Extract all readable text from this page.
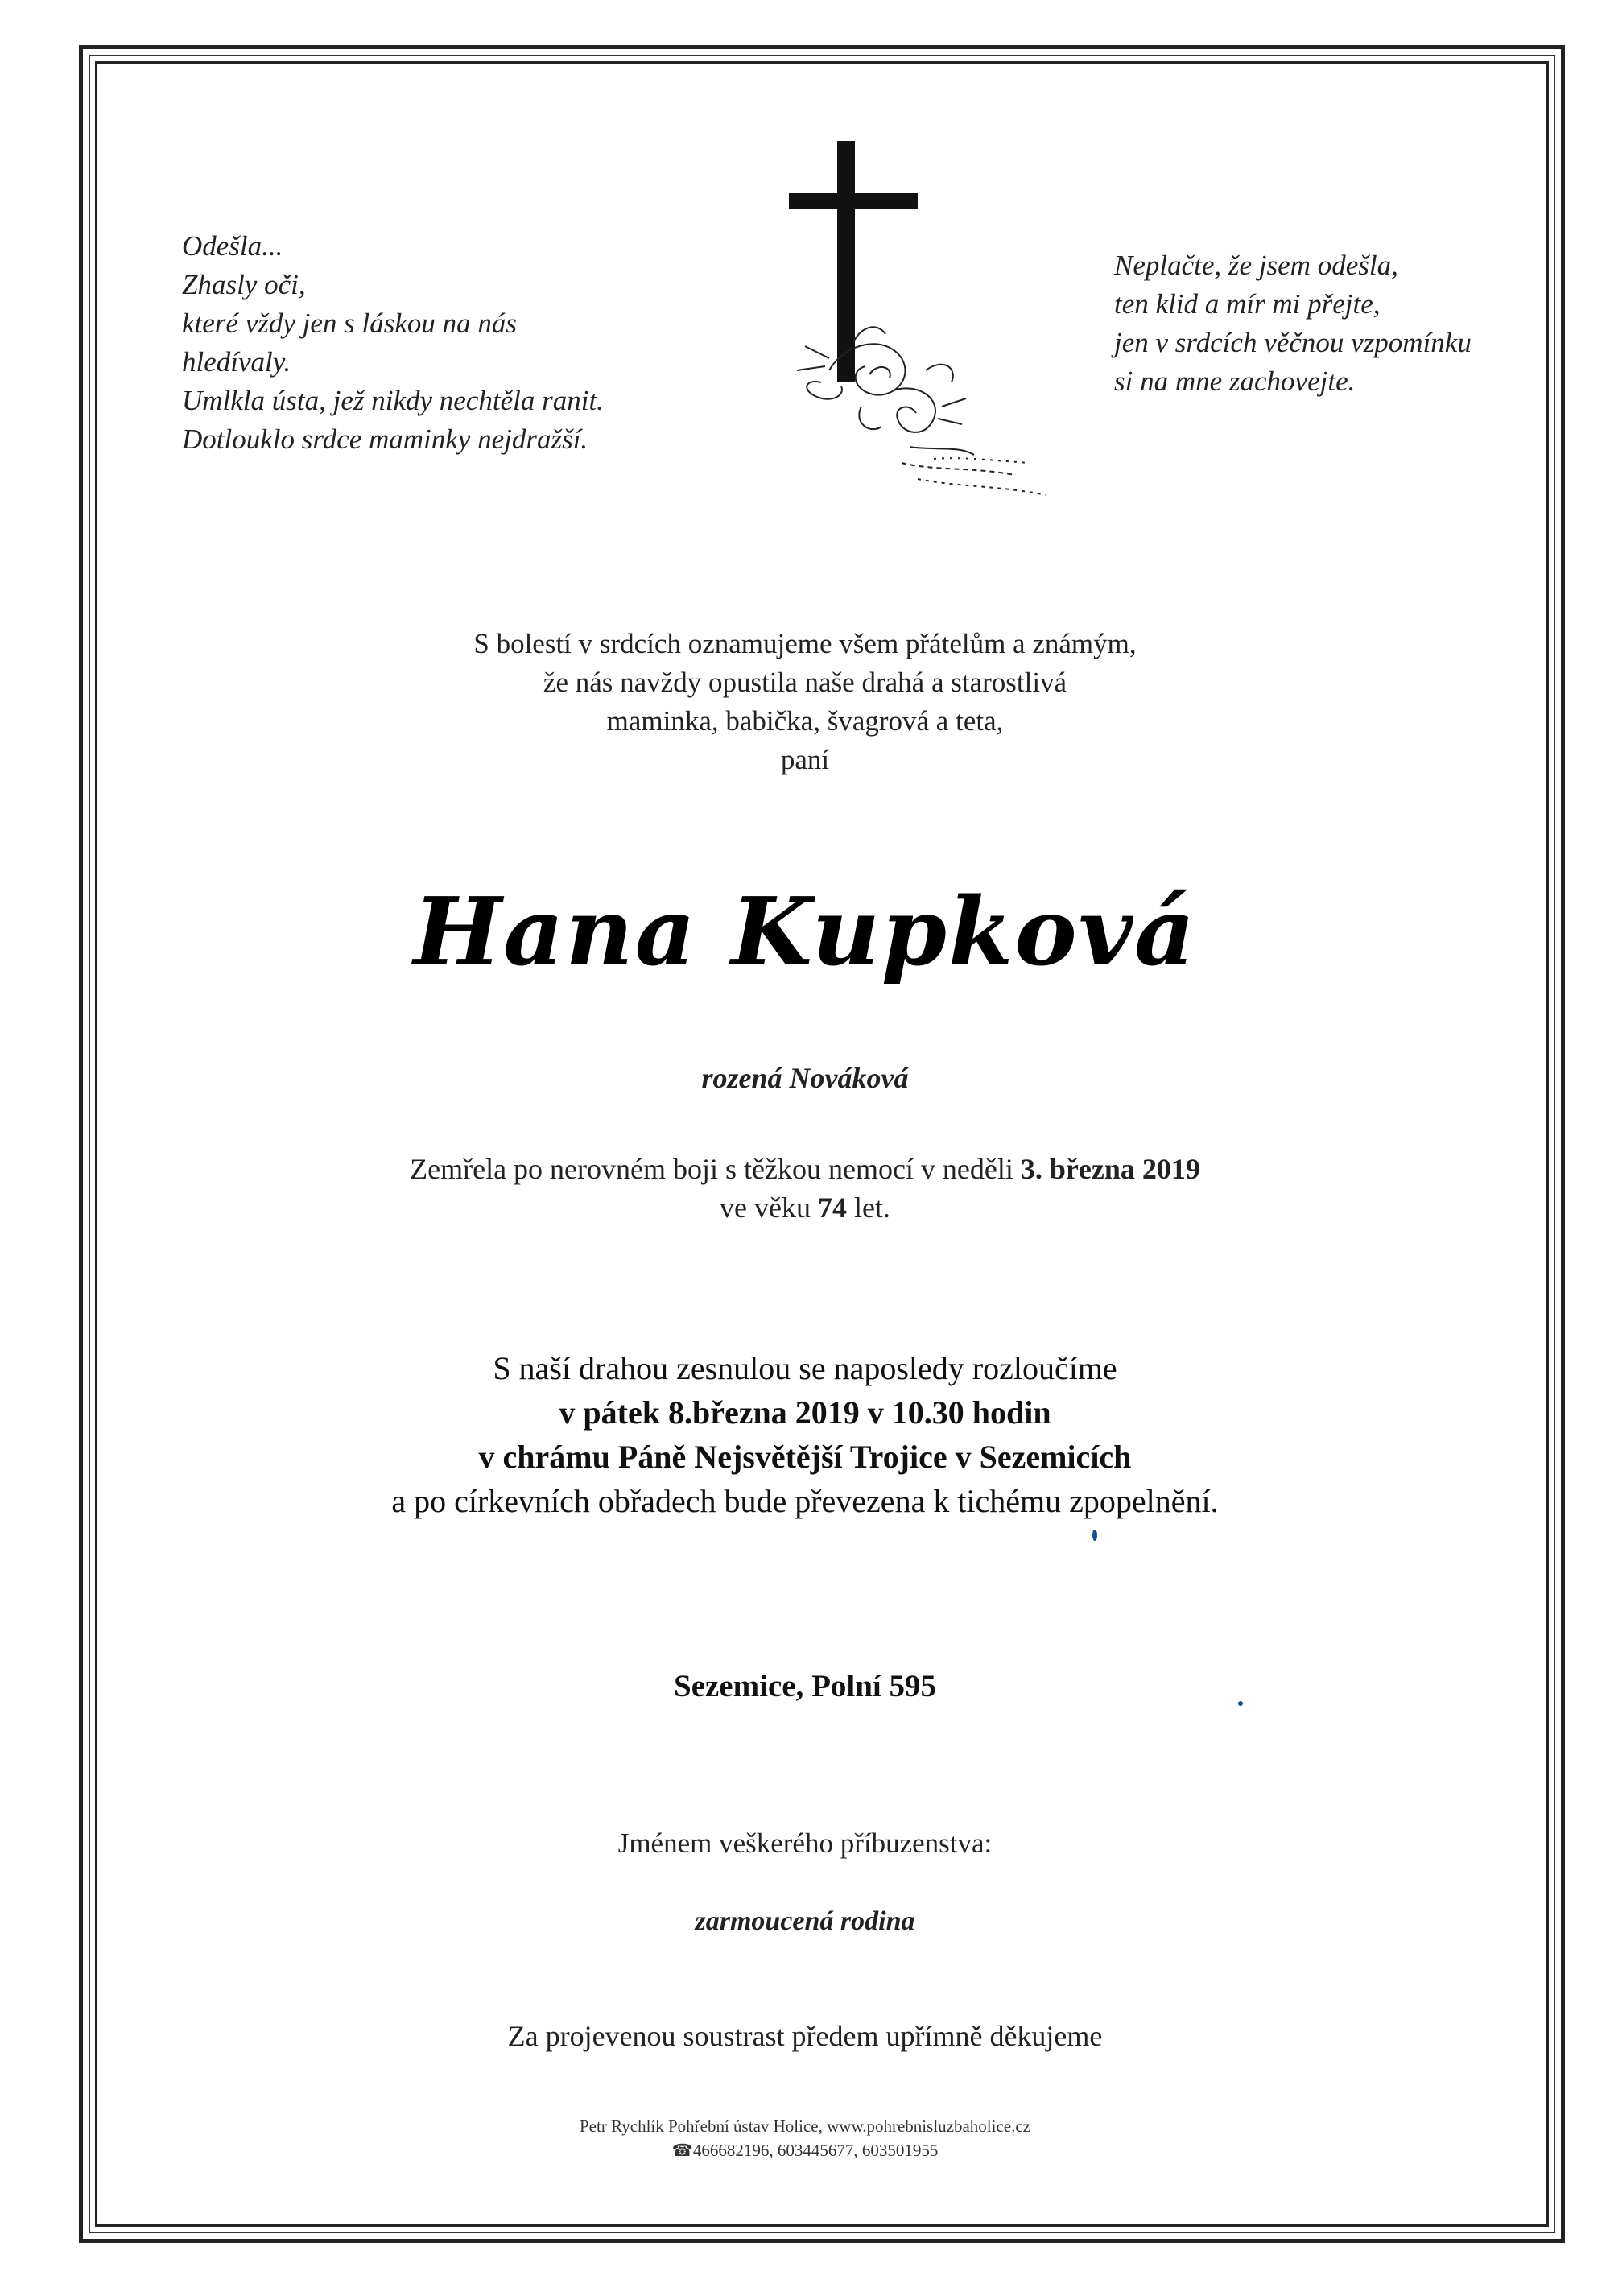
Odešla...
Zhasly oči,
které vždy jen s láskou na nás
hledívaly.
Umlkla ústa, jež nikdy nechtěla ranit.
Dotlouklo srdce maminky nejdražší.
Neplačte, že jsem odešla,
ten klid a mír mi přejte,
jen v srdcích věčnou vzpomínku
si na mne zachovejte.
S bolestí v srdcích oznamujeme všem přátelům a známým,
že nás navždy opustila naše drahá a starostlivá
maminka, babička, švagrová a teta,
paní
Hana Kupková
rozená Nováková
Zemřela po nerovném boji s těžkou nemocí v neděli 3. března 2019
ve věku 74 let.
S naší drahou zesnulou se naposledy rozloučíme
v pátek 8.března 2019 v 10.30 hodin
v chrámu Páně Nejsvětější Trojice v Sezemicích
a po církevních obřadech bude převezena k tichému zpopelnění.
Sezemice, Polní 595
Jménem veškerého příbuzenstva:
zarmoucená rodina
Za projevenou soustrast předem upřímně děkujeme
Petr Rychlík Pohřební ústav Holice, www.pohrebnisluzbaholice.cz
☎466682196, 603445677, 603501955
